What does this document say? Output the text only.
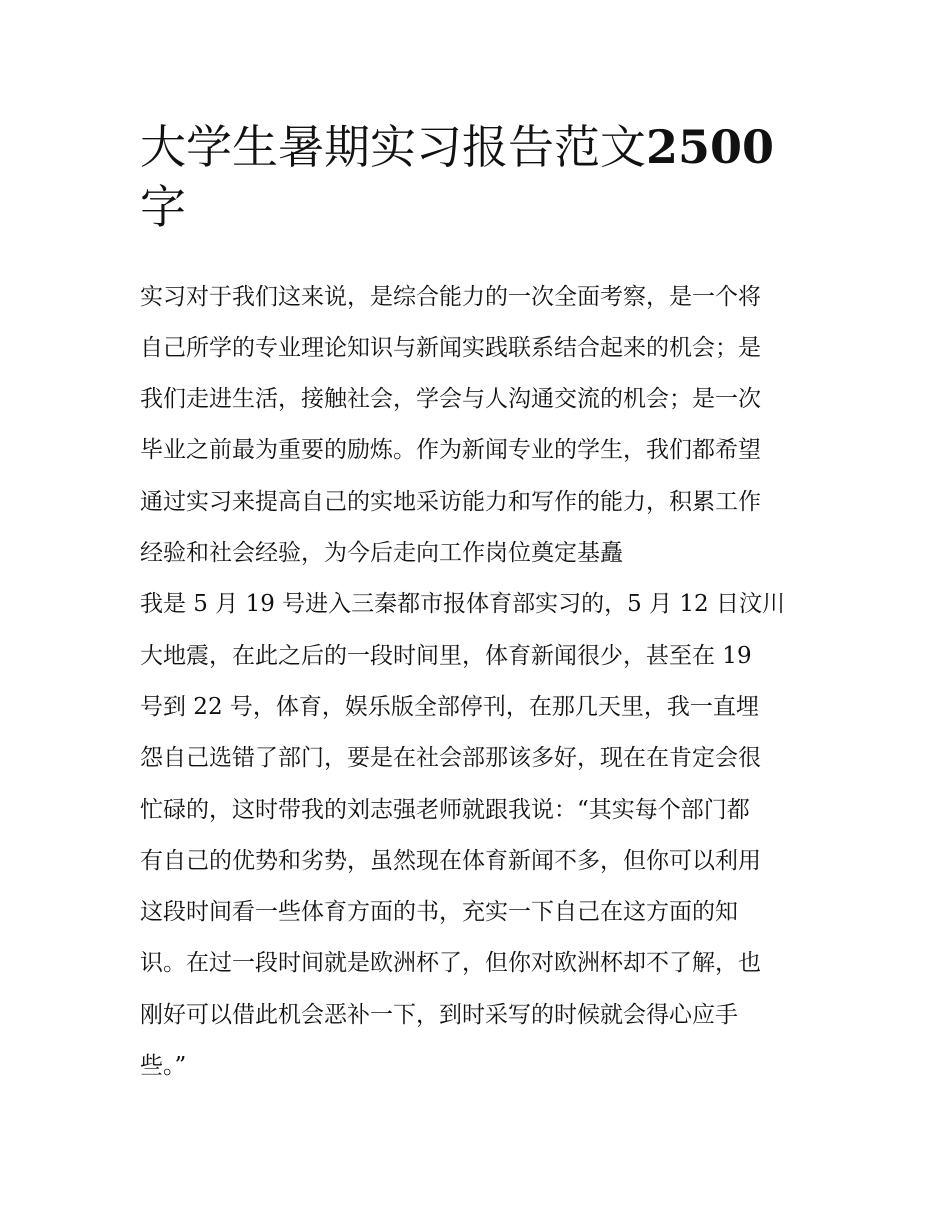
大学生暑期实习报告范文2500
字
实习对于我们这来说，是综合能力的一次全面考察，是一个将
自己所学的专业理论知识与新闻实践联系结合起来的机会；是
我们走进生活，接触社会，学会与人沟通交流的机会；是一次
毕业之前最为重要的励炼。作为新闻专业的学生，我们都希望
通过实习来提高自己的实地采访能力和写作的能力，积累工作
经验和社会经验，为今后走向工作岗位奠定基矗
我是 5 月 19 号进入三秦都市报体育部实习的，5 月 12 日汶川
大地震，在此之后的一段时间里，体育新闻很少，甚至在 19
号到 22 号，体育，娱乐版全部停刊，在那几天里，我一直埋
怨自己选错了部门，要是在社会部那该多好，现在在肯定会很
忙碌的，这时带我的刘志强老师就跟我说：“其实每个部门都
有自己的优势和劣势，虽然现在体育新闻不多，但你可以利用
这段时间看一些体育方面的书，充实一下自己在这方面的知
识。在过一段时间就是欧洲杯了，但你对欧洲杯却不了解，也
刚好可以借此机会恶补一下，到时采写的时候就会得心应手
些。”
